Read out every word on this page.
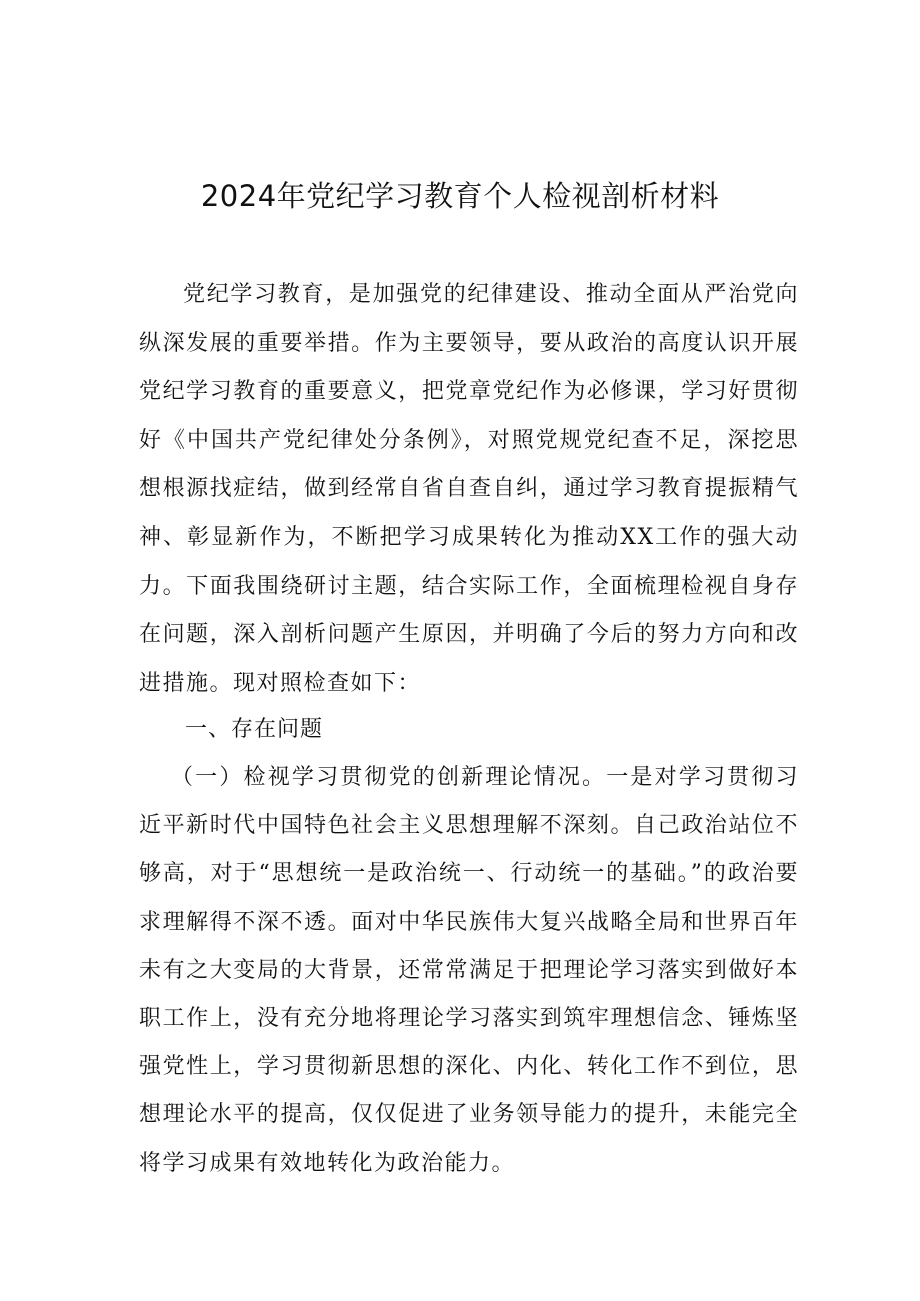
2024年党纪学习教育个人检视剖析材料

党纪学习教育，是加强党的纪律建设、推动全面从严治党向纵深发展的重要举措。作为主要领导，要从政治的高度认识开展党纪学习教育的重要意义，把党章党纪作为必修课，学习好贯彻好《中国共产党纪律处分条例》，对照党规党纪查不足，深挖思想根源找症结，做到经常自省自查自纠，通过学习教育提振精气神、彰显新作为，不断把学习成果转化为推动XX工作的强大动力。下面我围绕研讨主题，结合实际工作，全面梳理检视自身存在问题，深入剖析问题产生原因，并明确了今后的努力方向和改进措施。现对照检查如下：

一、存在问题

（一）检视学习贯彻党的创新理论情况。一是对学习贯彻习近平新时代中国特色社会主义思想理解不深刻。自己政治站位不够高，对于“思想统一是政治统一、行动统一的基础。”的政治要求理解得不深不透。面对中华民族伟大复兴战略全局和世界百年未有之大变局的大背景，还常常满足于把理论学习落实到做好本职工作上，没有充分地将理论学习落实到筑牢理想信念、锤炼坚强党性上，学习贯彻新思想的深化、内化、转化工作不到位，思想理论水平的提高，仅仅促进了业务领导能力的提升，未能完全将学习成果有效地转化为政治能力。
